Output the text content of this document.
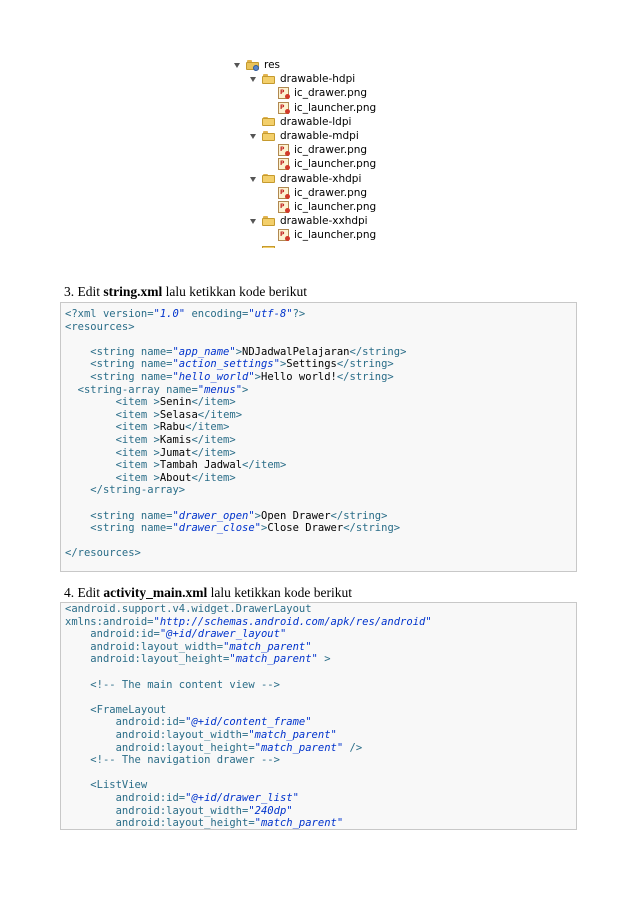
res
drawable-hdpi
P ic_drawer.png
P ic_launcher.png
drawable-ldpi
drawable-mdpi
P ic_drawer.png
P ic_launcher.png
drawable-xhdpi
P ic_drawer.png
P ic_launcher.png
drawable-xxhdpi
P ic_launcher.png
3. Edit string.xml lalu ketikkan kode berikut
<?xml version="1.0" encoding="utf-8"?>
<resources>
<string name="app_name">NDJadwalPelajaran</string>
<string name="action_settings">Settings</string>
<string name="hello_world">Hello world!</string>
<string-array name="menus">
<item >Senin</item>
<item >Selasa</item>
<item >Rabu</item>
<item >Kamis</item>
<item >Jumat</item>
<item >Tambah Jadwal</item>
<item >About</item>
</string-array>
<string name="drawer_open">Open Drawer</string>
<string name="drawer_close">Close Drawer</string>
</resources>
4. Edit activity_main.xml lalu ketikkan kode berikut
<android.support.v4.widget.DrawerLayout
xmlns:android="http://schemas.android.com/apk/res/android"
android:id="@+id/drawer_layout"
android:layout_width="match_parent"
android:layout_height="match_parent" >
<!-- The main content view -->
<FrameLayout
android:id="@+id/content_frame"
android:layout_width="match_parent"
android:layout_height="match_parent" />
<!-- The navigation drawer -->
<ListView
android:id="@+id/drawer_list"
android:layout_width="240dp"
android:layout_height="match_parent"
